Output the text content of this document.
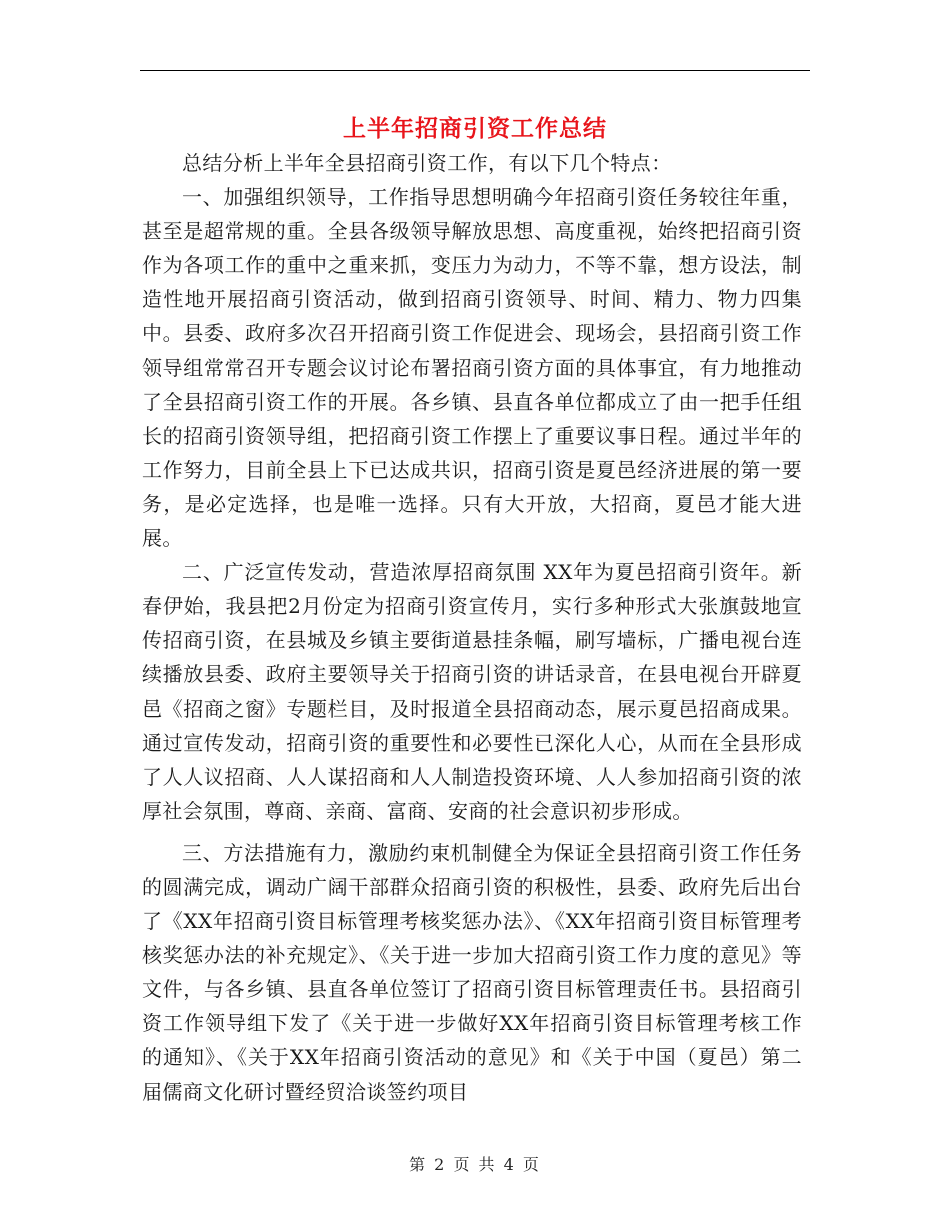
上半年招商引资工作总结

总结分析上半年全县招商引资工作，有以下几个特点：

一、加强组织领导，工作指导思想明确今年招商引资任务较往年重，甚至是超常规的重。全县各级领导解放思想、高度重视，始终把招商引资作为各项工作的重中之重来抓，变压力为动力，不等不靠，想方设法，制造性地开展招商引资活动，做到招商引资领导、时间、精力、物力四集中。县委、政府多次召开招商引资工作促进会、现场会，县招商引资工作领导组常常召开专题会议讨论布署招商引资方面的具体事宜，有力地推动了全县招商引资工作的开展。各乡镇、县直各单位都成立了由一把手任组长的招商引资领导组，把招商引资工作摆上了重要议事日程。通过半年的工作努力，目前全县上下已达成共识，招商引资是夏邑经济进展的第一要务，是必定选择，也是唯一选择。只有大开放，大招商，夏邑才能大进展。

二、广泛宣传发动，营造浓厚招商氛围 XX年为夏邑招商引资年。新春伊始，我县把2月份定为招商引资宣传月，实行多种形式大张旗鼓地宣传招商引资，在县城及乡镇主要街道悬挂条幅，刷写墙标，广播电视台连续播放县委、政府主要领导关于招商引资的讲话录音，在县电视台开辟夏邑《招商之窗》专题栏目，及时报道全县招商动态，展示夏邑招商成果。通过宣传发动，招商引资的重要性和必要性已深化人心，从而在全县形成了人人议招商、人人谋招商和人人制造投资环境、人人参加招商引资的浓厚社会氛围，尊商、亲商、富商、安商的社会意识初步形成。

三、方法措施有力，激励约束机制健全为保证全县招商引资工作任务的圆满完成，调动广阔干部群众招商引资的积极性，县委、政府先后出台了《XX年招商引资目标管理考核奖惩办法》、《XX年招商引资目标管理考核奖惩办法的补充规定》、《关于进一步加大招商引资工作力度的意见》等文件，与各乡镇、县直各单位签订了招商引资目标管理责任书。县招商引资工作领导组下发了《关于进一步做好XX年招商引资目标管理考核工作的通知》、《关于XX年招商引资活动的意见》和《关于中国（夏邑）第二届儒商文化研讨暨经贸洽谈签约项目

第 2 页 共 4 页
